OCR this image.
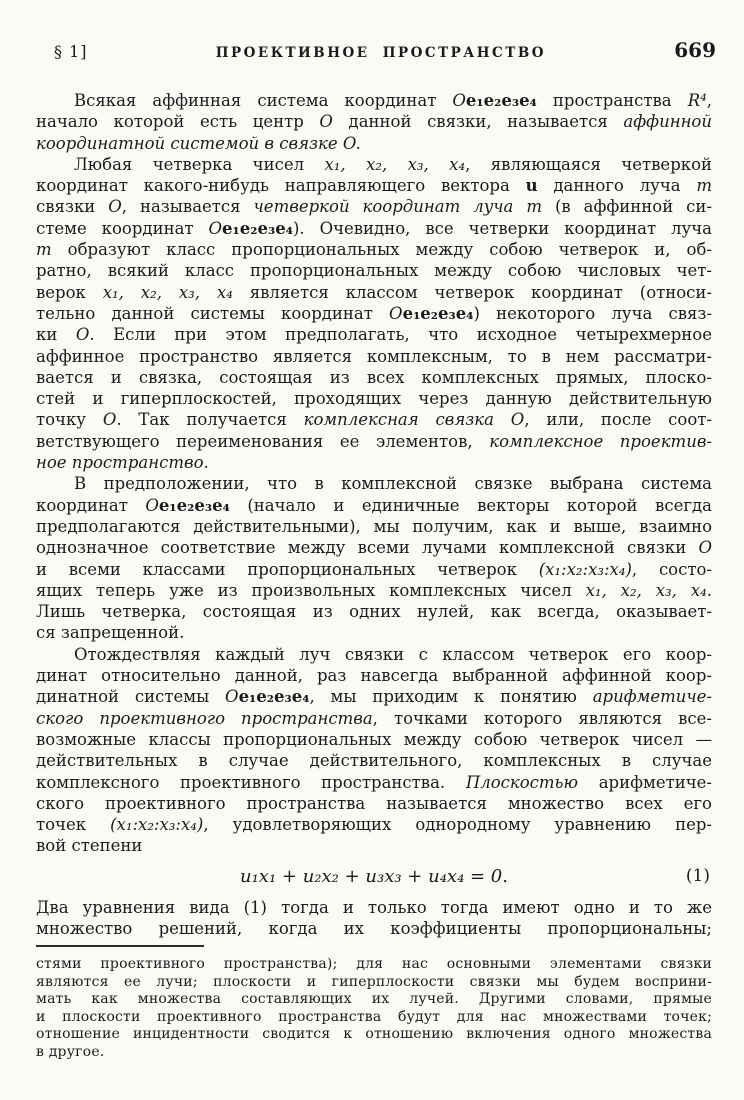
§ 1]	ПРОЕКТИВНОЕ ПРОСТРАНСТВО	669
Всякая аффинная система координат Oe₁e₂e₃e₄ пространства R⁴,
начало которой есть центр O данной связки, называется аффинной
координатной системой в связке O.
Любая четверка чисел x₁, x₂, x₃, x₄, являющаяся четверкой
координат какого-нибудь направляющего вектора u данного луча m
связки O, называется четверкой координат луча m (в аффинной си-
стеме координат Oe₁e₂e₃e₄). Очевидно, все четверки координат луча
m образуют класс пропорциональных между собою четверок и, об-
ратно, всякий класс пропорциональных между собою числовых чет-
верок x₁, x₂, x₃, x₄ является классом четверок координат (относи-
тельно данной системы координат Oe₁e₂e₃e₄) некоторого луча связ-
ки O. Если при этом предполагать, что исходное четырехмерное
аффинное пространство является комплексным, то в нем рассматри-
вается и связка, состоящая из всех комплексных прямых, плоско-
стей и гиперплоскостей, проходящих через данную действительную
точку O. Так получается комплексная связка O, или, после соот-
ветствующего переименования ее элементов, комплексное проектив-
ное пространство.
В предположении, что в комплексной связке выбрана система
координат Oe₁e₂e₃e₄ (начало и единичные векторы которой всегда
предполагаются действительными), мы получим, как и выше, взаимно
однозначное соответствие между всеми лучами комплексной связки O
и всеми классами пропорциональных четверок (x₁:x₂:x₃:x₄), состо-
ящих теперь уже из произвольных комплексных чисел x₁, x₂, x₃, x₄.
Лишь четверка, состоящая из одних нулей, как всегда, оказывает-
ся запрещенной.
Отождествляя каждый луч связки с классом четверок его коор-
динат относительно данной, раз навсегда выбранной аффинной коор-
динатной системы Oe₁e₂e₃e₄, мы приходим к понятию арифметиче-
ского проективного пространства, точками которого являются все-
возможные классы пропорциональных между собою четверок чисел —
действительных в случае действительного, комплексных в случае
комплексного проективного пространства. Плоскостью арифметиче-
ского проективного пространства называется множество всех его
точек (x₁:x₂:x₃:x₄), удовлетворяющих однородному уравнению пер-
вой степени
u₁x₁ + u₂x₂ + u₃x₃ + u₄x₄ = 0.	(1)
Два уравнения вида (1) тогда и только тогда имеют одно и то же
множество решений, когда их коэффициенты пропорциональны;
стями проективного пространства); для нас основными элементами связки
являются ее лучи; плоскости и гиперплоскости связки мы будем восприни-
мать как множества составляющих их лучей. Другими словами, прямые
и плоскости проективного пространства будут для нас множествами точек;
отношение инцидентности сводится к отношению включения одного множества
в другое.
